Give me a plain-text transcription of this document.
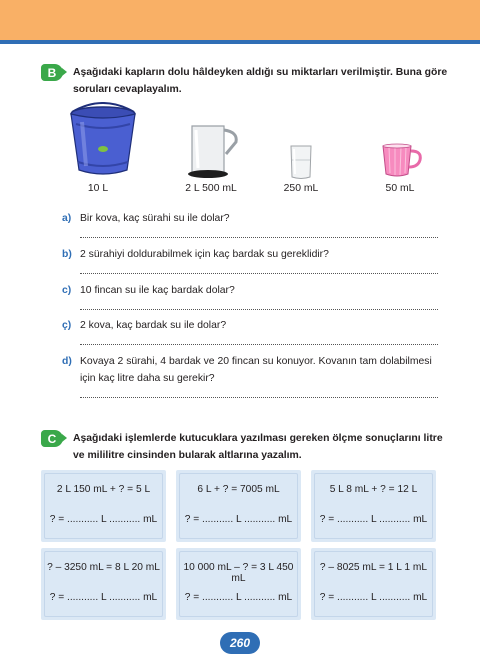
B	Aşağıdaki kapların dolu hâldeyken aldığı su miktarları verilmiştir. Buna göre soruları cevaplayalım.
10 L	2 L 500 mL	250 mL	50 mL
a) Bir kova, kaç sürahi su ile dolar?
b) 2 sürahiyi doldurabilmek için kaç bardak su gereklidir?
c) 10 fincan su ile kaç bardak dolar?
ç) 2 kova, kaç bardak su ile dolar?
d) Kovaya 2 sürahi, 4 bardak ve 20 fincan su konuyor. Kovanın tam dolabilmesi için kaç litre daha su gerekir?
C	Aşağıdaki işlemlerde kutucuklara yazılması gereken ölçme sonuçlarını litre ve mililitre cinsinden bularak altlarına yazalım.
2 L 150 mL + ? = 5 L
? = ........... L ........... mL
6 L + ? = 7005 mL
? = ........... L ........... mL
5 L 8 mL + ? = 12 L
? = ........... L ........... mL
? – 3250 mL = 8 L 20 mL
? = ........... L ........... mL
10 000 mL – ? = 3 L 450 mL
? = ........... L ........... mL
? – 8025 mL = 1 L 1 mL
? = ........... L ........... mL
260
